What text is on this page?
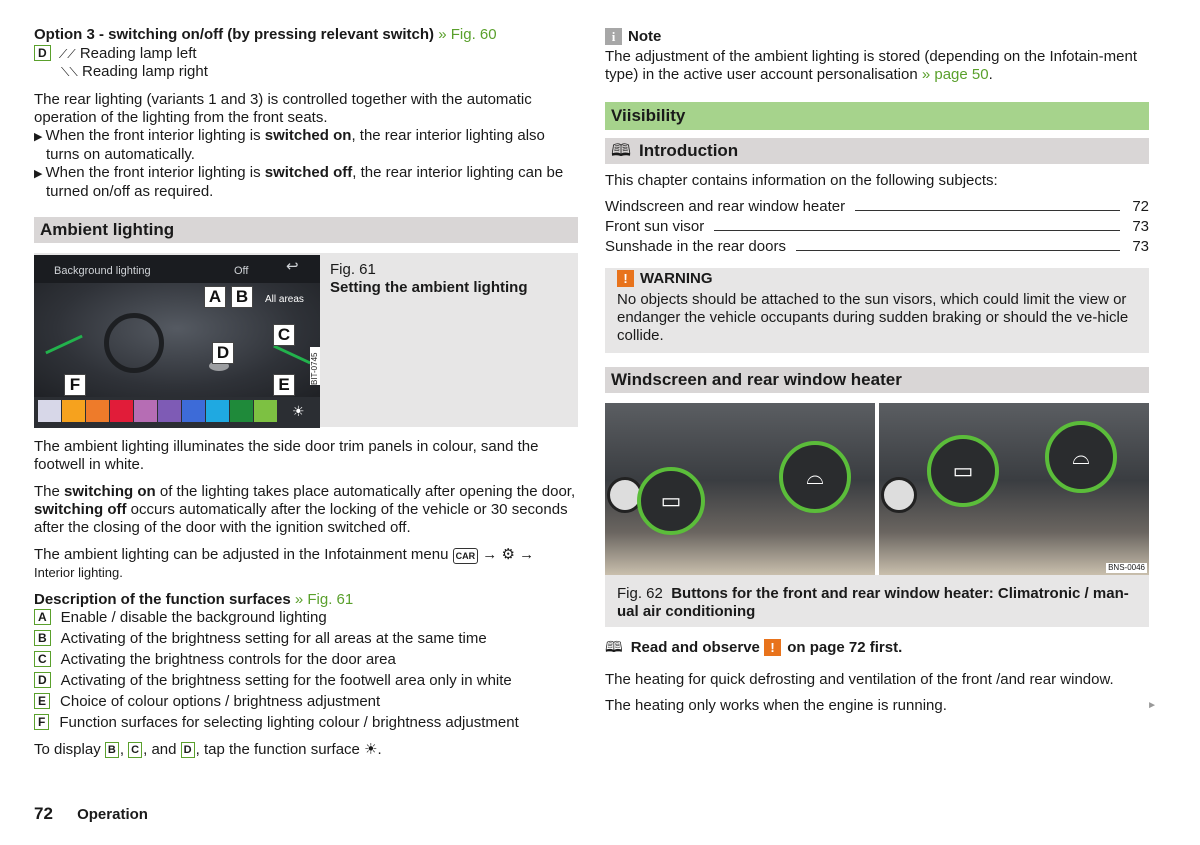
Option 3 - switching on/off (by pressing relevant switch) » Fig. 60

D ⟋⟋ Reading lamp left
⟍⟍ Reading lamp right

The rear lighting (variants 1 and 3) is controlled together with the automatic operation of the lighting from the front seats.

▶ When the front interior lighting is switched on, the rear interior lighting also turns on automatically.

▶ When the front interior lighting is switched off, the rear interior lighting can be turned on/off as required.

Ambient lighting
Background lighting	Off	↩
All areas
A B
C
D
E
F
☀
BIT-0745
Fig. 61
Setting the ambient lighting

The ambient lighting illuminates the side door trim panels in colour, sand the footwell in white.

The switching on of the lighting takes place automatically after opening the door, switching off occurs automatically after the locking of the vehicle or 30 seconds after the closing of the door with the ignition switched off.

The ambient lighting can be adjusted in the Infotainment menu CAR → ⚙ →
Interior lighting.

Description of the function surfaces » Fig. 61

A Enable / disable the background lighting
B Activating of the brightness setting for all areas at the same time
C Activating the brightness controls for the door area
D Activating of the brightness setting for the footwell area only in white
E Choice of colour options / brightness adjustment
F Function surfaces for selecting lighting colour / brightness adjustment

To display B , C , and D , tap the function surface ☀.

72 Operation
i Note

The adjustment of the ambient lighting is stored (depending on the Infotain-ment type) in the active user account personalisation » page 50.

Viisibility
🕮 Introduction

This chapter contains information on the following subjects:

Windscreen and rear window heater	72
Front sun visor	73
Sunshade in the rear doors	73
! WARNING

No objects should be attached to the sun visors, which could limit the view or endanger the vehicle occupants during sudden braking or should the ve-hicle collide.

Windscreen and rear window heater
▭
⌓	▭
⌓
BNS-0046
Fig. 62 Buttons for the front and rear window heater: Climatronic / man-ual air conditioning

🕮 Read and observe ! on page 72 first.

The heating for quick defrosting and ventilation of the front /and rear window.

The heating only works when the engine is running.	►
